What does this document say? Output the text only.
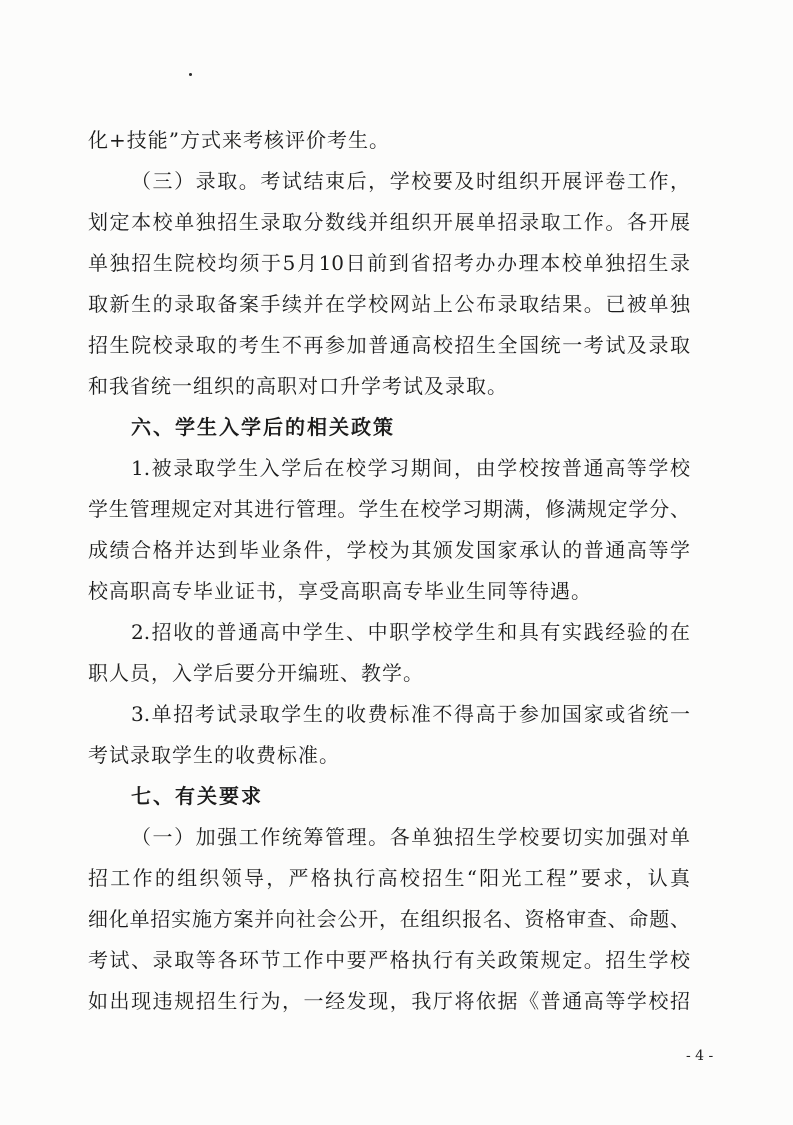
化+技能”方式来考核评价考生。
（三）录取。考试结束后，学校要及时组织开展评卷工作，
划定本校单独招生录取分数线并组织开展单招录取工作。各开展
单独招生院校均须于5月10日前到省招考办办理本校单独招生录
取新生的录取备案手续并在学校网站上公布录取结果。已被单独
招生院校录取的考生不再参加普通高校招生全国统一考试及录取
和我省统一组织的高职对口升学考试及录取。
六、学生入学后的相关政策
1.被录取学生入学后在校学习期间，由学校按普通高等学校
学生管理规定对其进行管理。学生在校学习期满，修满规定学分、
成绩合格并达到毕业条件，学校为其颁发国家承认的普通高等学
校高职高专毕业证书，享受高职高专毕业生同等待遇。
2.招收的普通高中学生、中职学校学生和具有实践经验的在
职人员，入学后要分开编班、教学。
3.单招考试录取学生的收费标准不得高于参加国家或省统一
考试录取学生的收费标准。
七、有关要求
（一）加强工作统筹管理。各单独招生学校要切实加强对单
招工作的组织领导，严格执行高校招生“阳光工程”要求，认真
细化单招实施方案并向社会公开，在组织报名、资格审查、命题、
考试、录取等各环节工作中要严格执行有关政策规定。招生学校
如出现违规招生行为，一经发现，我厅将依据《普通高等学校招
- 4 -
